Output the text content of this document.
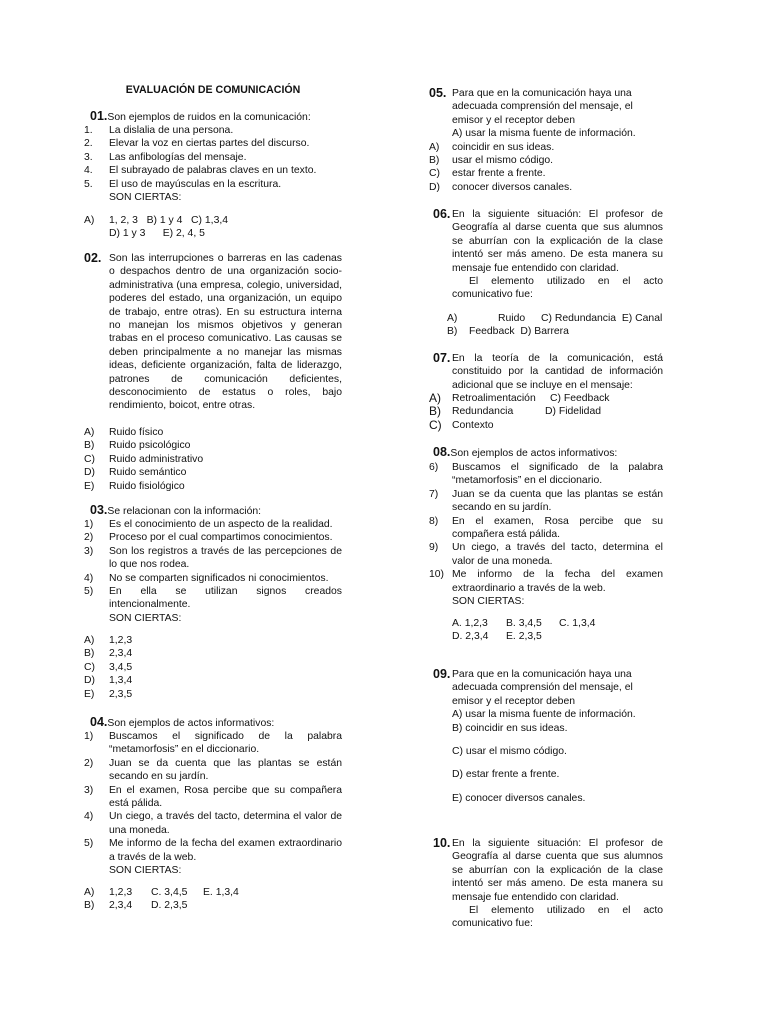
EVALUACIÓN DE COMUNICACIÓN
01.Son ejemplos de ruidos en la comunicación:
1.	La dislalia de una persona.
2.	Elevar la voz en ciertas partes del discurso.
3.	Las anfibologías del mensaje.
4.	El subrayado de palabras claves en un texto.
5.	El uso de mayúsculas en la escritura.
SON CIERTAS:
A)	1, 2, 3 B) 1 y 4 C) 1,3,4
D) 1 y 3 E) 2, 4, 5
02. Son las interrupciones o barreras en las cadenas o despachos dentro de una organización socio-administrativa (una empresa, colegio, universidad, poderes del estado, una organización, un equipo de trabajo, entre otras). En su estructura interna no manejan los mismos objetivos y generan trabas en el proceso comunicativo. Las causas se deben principalmente a no manejar las mismas ideas, deficiente organización, falta de liderazgo, patrones de comunicación deficientes, desconocimiento de estatus o roles, bajo rendimiento, boicot, entre otras.
A)	Ruido físico
B)	Ruido psicológico
C)	Ruido administrativo
D)	Ruido semántico
E)	Ruido fisiológico
03.Se relacionan con la información:
1)	Es el conocimiento de un aspecto de la realidad.
2)	Proceso por el cual compartimos conocimientos.
3)	Son los registros a través de las percepciones de lo que nos rodea.
4)	No se comparten significados ni conocimientos.
5)	En ella se utilizan signos creados intencionalmente.
SON CIERTAS:
A)	1,2,3
B)	2,3,4
C)	3,4,5
D)	1,3,4
E)	2,3,5
04.Son ejemplos de actos informativos:
1)	Buscamos el significado de la palabra “metamorfosis” en el diccionario.
2)	Juan se da cuenta que las plantas se están secando en su jardín.
3)	En el examen, Rosa percibe que su compañera está pálida.
4)	Un ciego, a través del tacto, determina el valor de una moneda.
5)	Me informo de la fecha del examen extraordinario a través de la web.
SON CIERTAS:
A)	1,2,3	C. 3,4,5	E. 1,3,4
B)	2,3,4	D. 2,3,5
05. Para que en la comunicación haya una adecuada comprensión del mensaje, el emisor y el receptor deben
A) usar la misma fuente de información.
A)	coincidir en sus ideas.
B)	usar el mismo código.
C)	estar frente a frente.
D)	conocer diversos canales.
06. En la siguiente situación: El profesor de Geografía al darse cuenta que sus alumnos se aburrían con la explicación de la clase intentó ser más ameno. De esta manera su mensaje fue entendido con claridad.
El elemento utilizado en el acto comunicativo fue:
A)	Ruido C) Redundancia E) Canal
B) Feedback D) Barrera
07. En la teoría de la comunicación, está constituido por la cantidad de información adicional que se incluye en el mensaje:
A)	Retroalimentación	C) Feedback
B)	Redundancia	D) Fidelidad
C) Contexto
08.Son ejemplos de actos informativos:
6)	Buscamos el significado de la palabra “metamorfosis” en el diccionario.
7)	Juan se da cuenta que las plantas se están secando en su jardín.
8)	En el examen, Rosa percibe que su compañera está pálida.
9)	Un ciego, a través del tacto, determina el valor de una moneda.
10) Me informo de la fecha del examen extraordinario a través de la web.
SON CIERTAS:
A. 1,2,3 B. 3,4,5 C. 1,3,4
D. 2,3,4 E. 2,3,5
09. Para que en la comunicación haya una adecuada comprensión del mensaje, el emisor y el receptor deben
A) usar la misma fuente de información.
B) coincidir en sus ideas.
C) usar el mismo código.
D) estar frente a frente.
E) conocer diversos canales.
10. En la siguiente situación: El profesor de Geografía al darse cuenta que sus alumnos se aburrían con la explicación de la clase intentó ser más ameno. De esta manera su mensaje fue entendido con claridad.
El elemento utilizado en el acto comunicativo fue:
